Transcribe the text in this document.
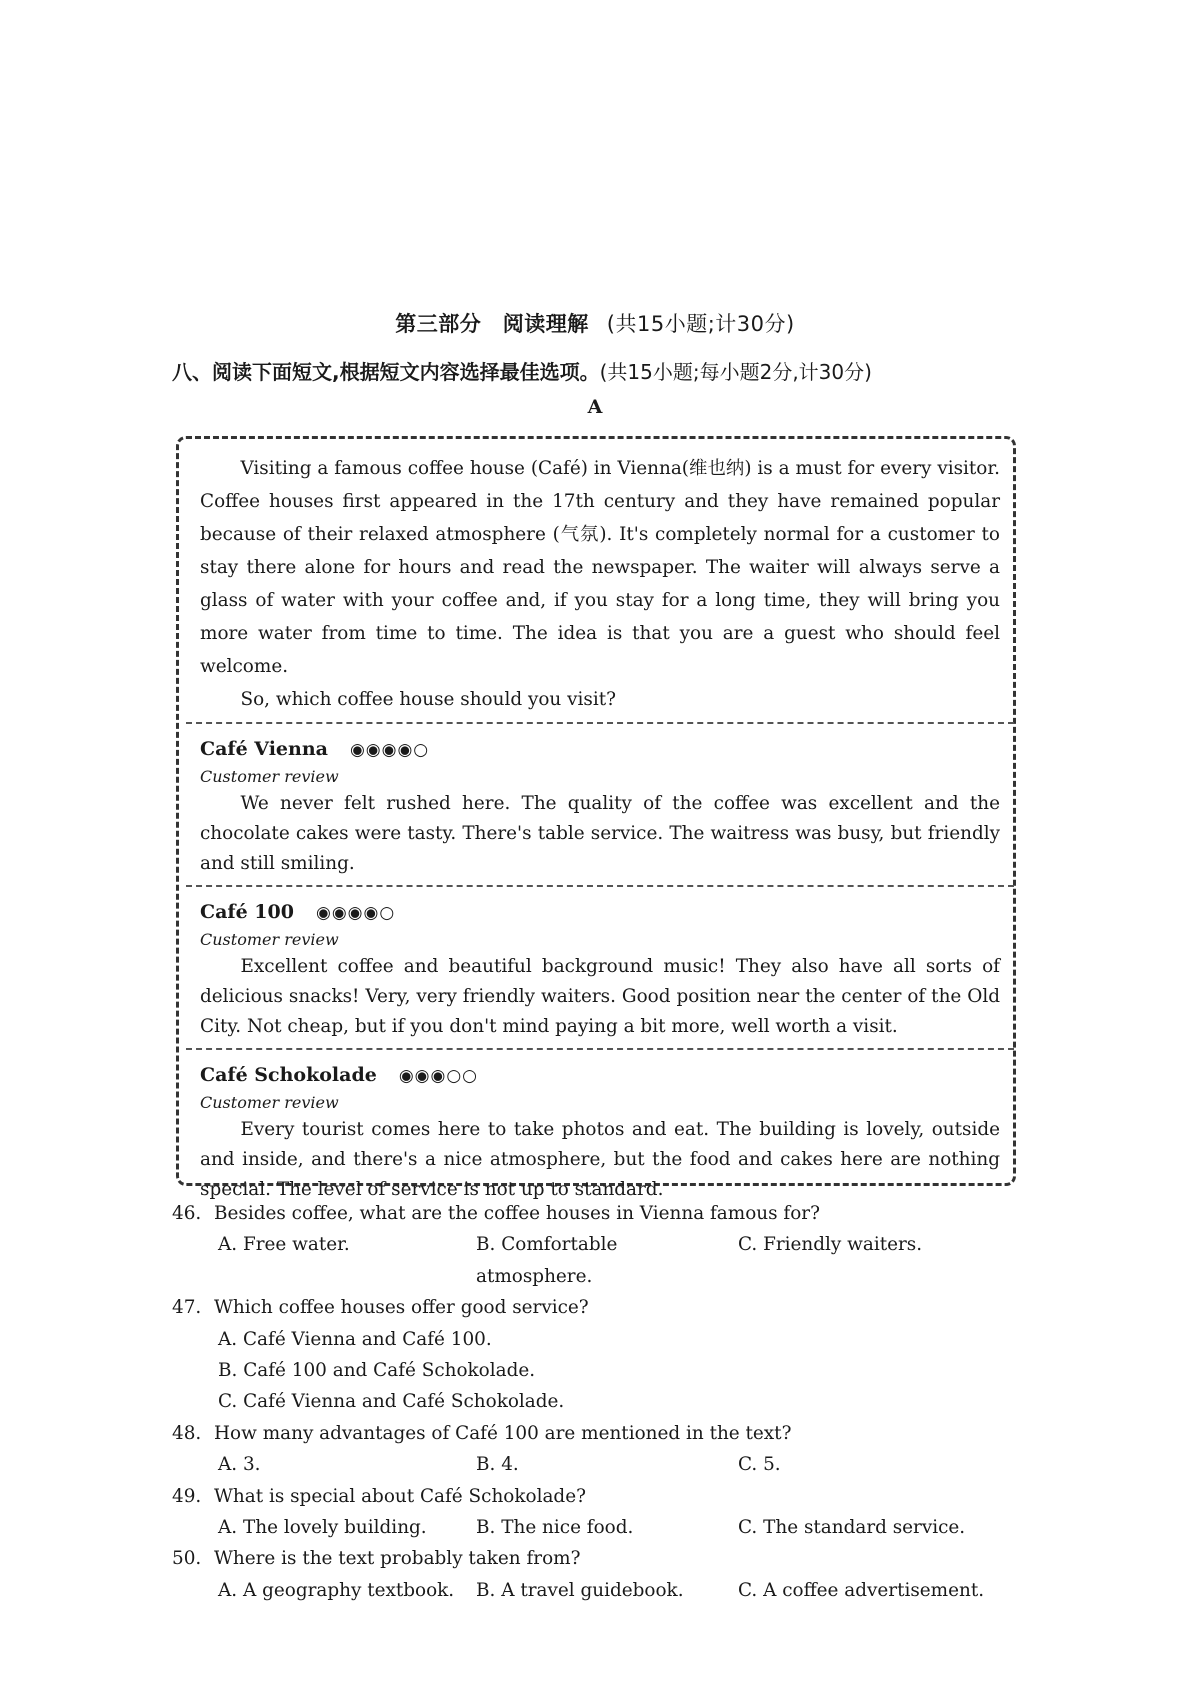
第三部分　阅读理解 (共15小题;计30分)
八、阅读下面短文,根据短文内容选择最佳选项。(共15小题;每小题2分,计30分)
A

Visiting a famous coffee house (Café) in Vienna(维也纳) is a must for every visitor. Coffee houses first appeared in the 17th century and they have remained popular because of their relaxed atmosphere (气氛). It's completely normal for a customer to stay there alone for hours and read the newspaper. The waiter will always serve a glass of water with your coffee and, if you stay for a long time, they will bring you more water from time to time. The idea is that you are a guest who should feel welcome.

So, which coffee house should you visit?

Café Vienna ◉◉◉◉○

Customer review

We never felt rushed here. The quality of the coffee was excellent and the chocolate cakes were tasty. There's table service. The waitress was busy, but friendly and still smiling.

Café 100 ◉◉◉◉○

Customer review

Excellent coffee and beautiful background music! They also have all sorts of delicious snacks! Very, very friendly waiters. Good position near the center of the Old City. Not cheap, but if you don't mind paying a bit more, well worth a visit.

Café Schokolade ◉◉◉○○

Customer review

Every tourist comes here to take photos and eat. The building is lovely, outside and inside, and there's a nice atmosphere, but the food and cakes here are nothing special. The level of service is not up to standard.

46. Besides coffee, what are the coffee houses in Vienna famous for?

A. Free water.	B. Comfortable atmosphere.

C. Friendly waiters.

47. Which coffee houses offer good service?

A. Café Vienna and Café 100.

B. Café 100 and Café Schokolade.

C. Café Vienna and Café Schokolade.

48. How many advantages of Café 100 are mentioned in the text?

A. 3.	B. 4.	C. 5.

49. What is special about Café Schokolade?

A. The lovely building.	B. The nice food.	C. The standard service.

50. Where is the text probably taken from?

A. A geography textbook.	B. A travel guidebook.	C. A coffee advertisement.
